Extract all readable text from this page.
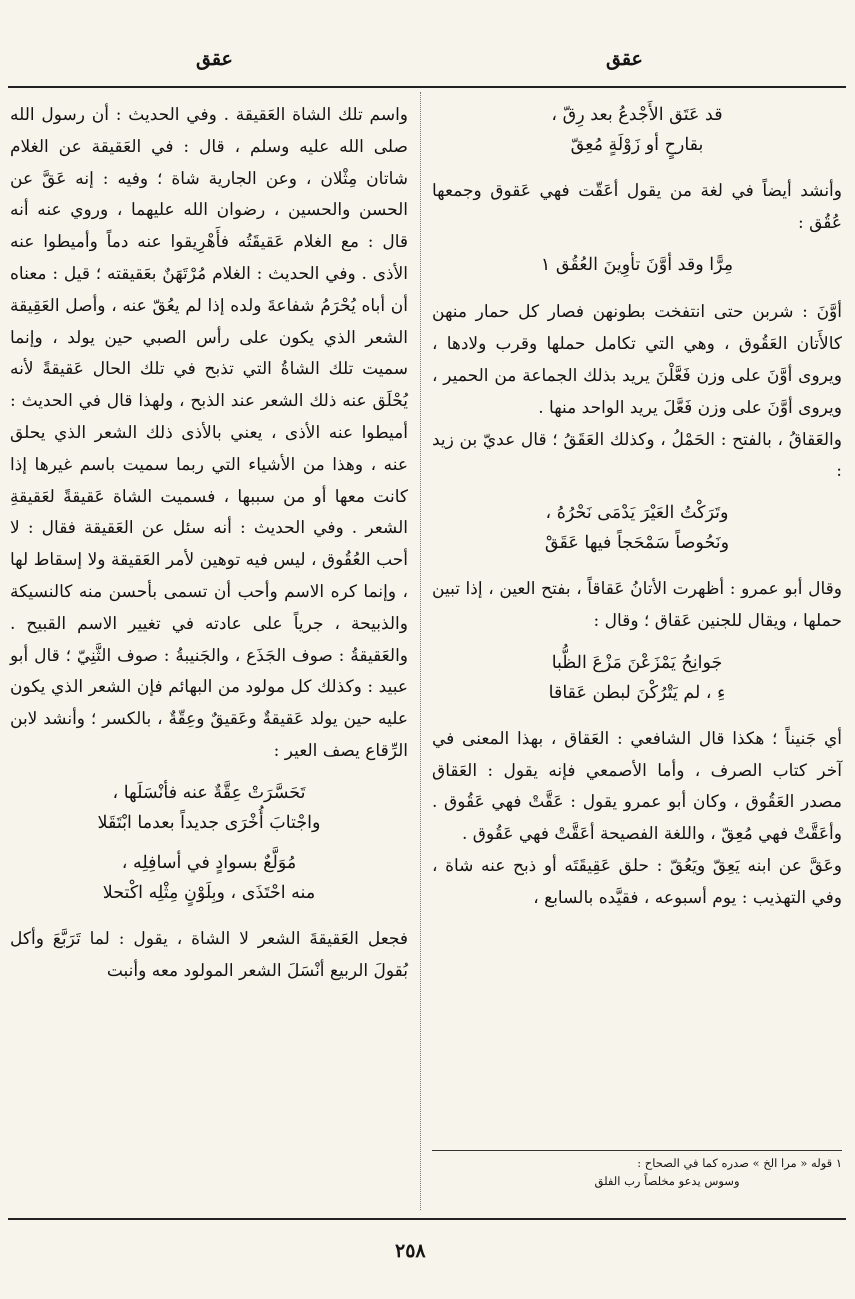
عقق	عقق

قد عَتَق الأَجْدعُ بعد رِقّ ،
بقارحٍ أو زَوْلَةٍ مُعِقّ

وأنشد أيضاً في لغة من يقول أعَقّت فهي عَقوق وجمعها عُقُق :

مِرًّا وقد أوَّنَ تأوِينَ العُقُق ١

أوَّنَ : شربن حتى انتفخت بطونهن فصار كل حمار منهن كالأَتان العَقُوق ، وهي التي تكامل حملها وقرب ولادها ، ويروى أوَّنَ على وزن فَعَّلْنَ يريد بذلك الجماعة من الحمير ، ويروى أوَّنَ على وزن فَعَّلَ يريد الواحد منها .

والعَقاقُ ، بالفتح : الحَمْلُ ، وكذلك العَقَقُ ؛ قال عديّ بن زيد :

وتَرَكْتُ العَيْرَ يَدْمَى نَحْرُهُ ،
ونَحُوصاً سَمْحَجاً فيها عَقَقْ

وقال أبو عمرو : أظهرت الأتانُ عَقاقاً ، بفتح العين ، إذا تبين حملها ، ويقال للجنين عَقاق ؛ وقال :

جَوانِحُ يَمْزَعْنَ مَزْعَ الظُّبا
ءِ ، لم يَتْرُكْنَ لبطن عَقاقا

أي جَنيناً ؛ هكذا قال الشافعي : العَقاق ، بهذا المعنى في آخر كتاب الصرف ، وأما الأصمعي فإنه يقول : العَقاق مصدر العَقُوق ، وكان أبو عمرو يقول : عَقَّتْ فهي عَقُوق . وأعَقَّتْ فهي مُعِقّ ، واللغة الفصيحة أعَقَّتْ فهي عَقُوق .

وعَقَّ عن ابنه يَعِقّ ويَعُقّ : حلق عَقِيقَتَه أو ذبح عنه شاة ، وفي التهذيب : يوم أسبوعه ، فقيَّده بالسابع ،

١ قوله « مرا الخ » صدره كما في الصحاح :
وسوس يدعو مخلصاً رب الفلق

واسم تلك الشاة العَقيقة . وفي الحديث : أن رسول الله صلى الله عليه وسلم ، قال : في العَقيقة عن الغلام شاتان مِثْلان ، وعن الجارية شاة ؛ وفيه : إنه عَقَّ عن الحسن والحسين ، رضوان الله عليهما ، وروي عنه أنه قال : مع الغلام عَقيقَتُه فأَهْرِيقوا عنه دماً وأميطوا عنه الأذى . وفي الحديث : الغلام مُرْتَهَنٌ بعَقيقته ؛ قيل : معناه أن أباه يُحْرَمُ شفاعةَ ولده إذا لم يعُقّ عنه ، وأصل العَقِيقة الشعر الذي يكون على رأس الصبي حين يولد ، وإنما سميت تلك الشاةُ التي تذبح في تلك الحال عَقيقةً لأنه يُحْلَق عنه ذلك الشعر عند الذبح ، ولهذا قال في الحديث : أميطوا عنه الأذى ، يعني بالأذى ذلك الشعر الذي يحلق عنه ، وهذا من الأشياء التي ربما سميت باسم غيرها إذا كانت معها أو من سببها ، فسميت الشاة عَقيقةً لعَقيقةِ الشعر . وفي الحديث : أنه سئل عن العَقيقة فقال : لا أحب العُقُوق ، ليس فيه توهين لأمر العَقيقة ولا إسقاط لها ، وإنما كره الاسم وأحب أن تسمى بأحسن منه كالنسيكة والذبيحة ، جرياً على عادته في تغيير الاسم القبيح . والعَقيقةُ : صوف الجَذَع ، والجَنيبةُ : صوف الثَّنِيّ ؛ قال أبو عبيد : وكذلك كل مولود من البهائم فإن الشعر الذي يكون عليه حين يولد عَقيقةٌ وعَقيقٌ وعِقّةٌ ، بالكسر ؛ وأنشد لابن الرِّقاع يصف العير :

تَحَسَّرَتْ عِقَّةٌ عنه فأنْسَلَها ،
واجْتابَ أُخْرَى جديداً بعدما ابْتَقَلا

مُوَلَّعٌ بسوادٍ في أسافِلِه ،
منه احْتَذَى ، وبِلَوْنٍ مِثْلِه اكْتحلا

فجعل العَقيقةَ الشعر لا الشاة ، يقول : لما تَرَبَّعَ وأكل بُقولَ الربيع أنْسَلَ الشعر المولود معه وأنبت

٢٥٨
